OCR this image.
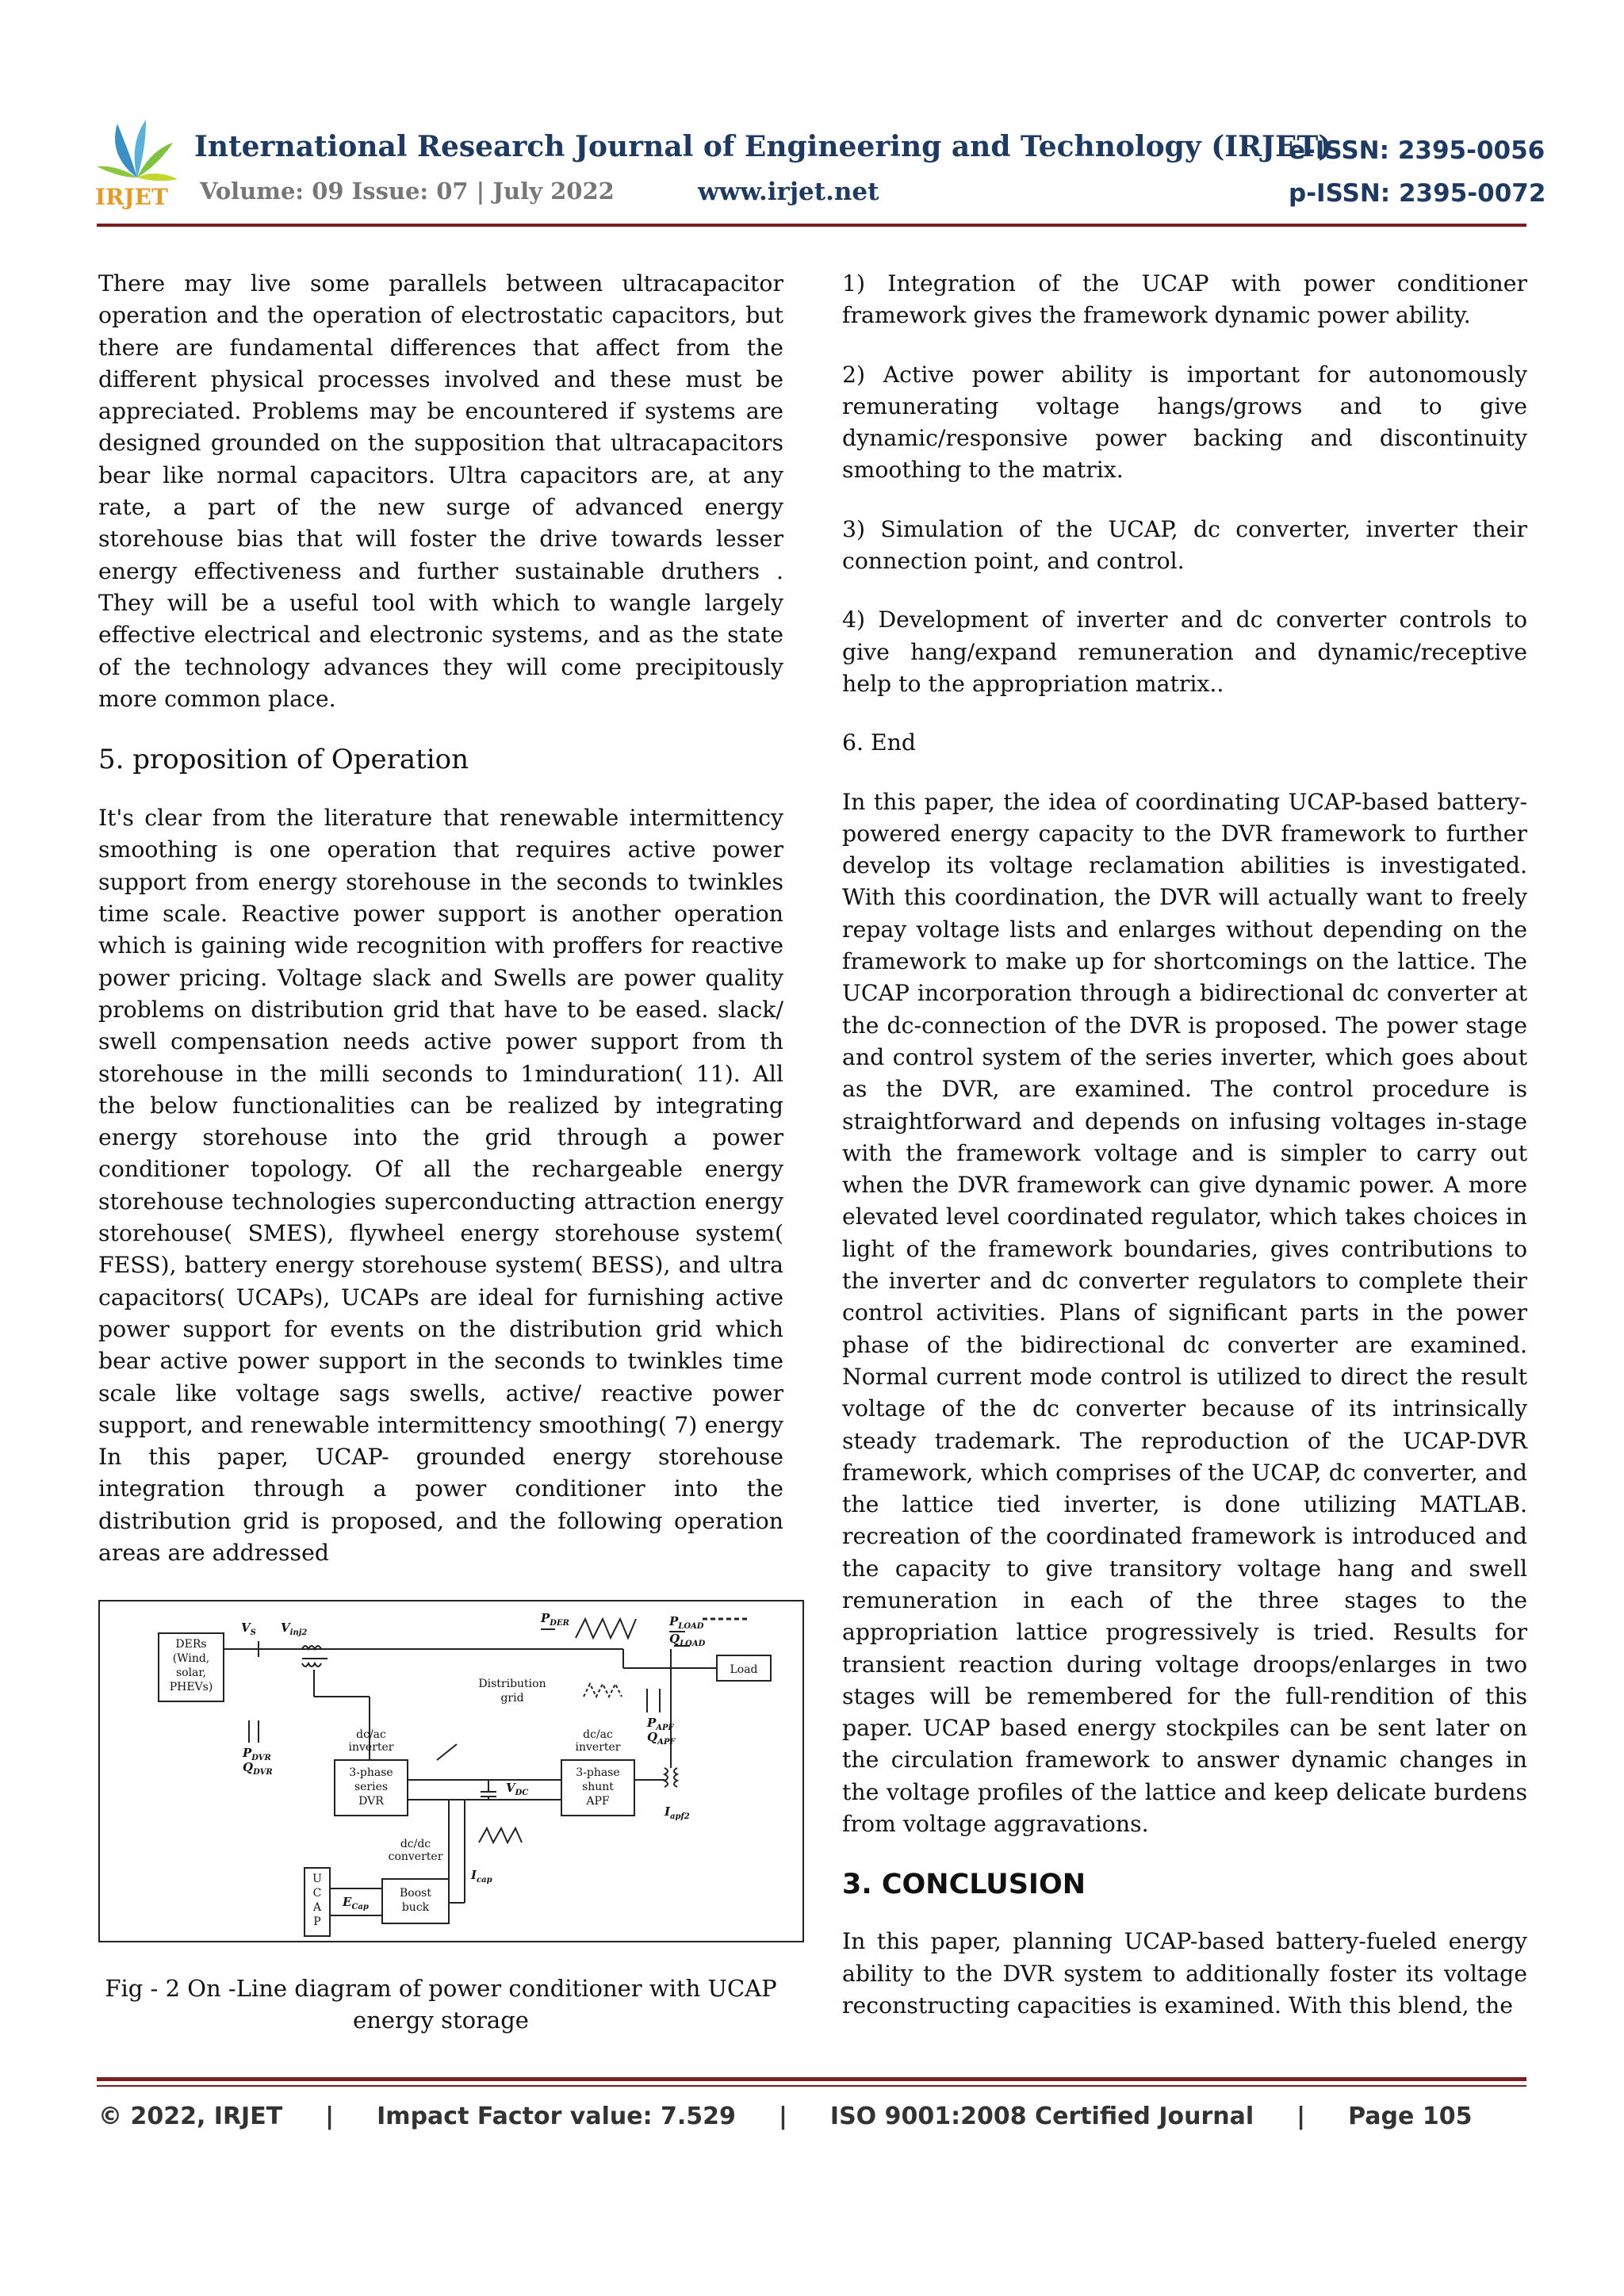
IRJET
International Research Journal of Engineering and Technology (IRJET)
e-ISSN: 2395-0056
Volume: 09 Issue: 07 | July 2022	www.irjet.net	p-ISSN: 2395-0072

There may live some parallels between ultracapacitor operation and the operation of electrostatic capacitors, but there are fundamental differences that affect from the different physical processes involved and these must be appreciated. Problems may be encountered if systems are designed grounded on the supposition that ultracapacitors bear like normal capacitors. Ultra capacitors are, at any rate, a part of the new surge of advanced energy storehouse bias that will foster the drive towards lesser energy effectiveness and further sustainable druthers . They will be a useful tool with which to wangle largely effective electrical and electronic systems, and as the state of the technology advances they will come precipitously more common place.

5. proposition of Operation

It's clear from the literature that renewable intermittency smoothing is one operation that requires active power support from energy storehouse in the seconds to twinkles time scale. Reactive power support is another operation which is gaining wide recognition with proffers for reactive power pricing. Voltage slack and Swells are power quality problems on distribution grid that have to be eased. slack/ swell compensation needs active power support from th storehouse in the milli seconds to 1minduration( 11). All the below functionalities can be realized by integrating energy storehouse into the grid through a power conditioner topology. Of all the rechargeable energy storehouse technologies superconducting attraction energy storehouse( SMES), flywheel energy storehouse system( FESS), battery energy storehouse system( BESS), and ultra capacitors( UCAPs), UCAPs are ideal for furnishing active power support for events on the distribution grid which bear active power support in the seconds to twinkles time scale like voltage sags swells, active/ reactive power support, and renewable intermittency smoothing( 7) energy In this paper, UCAP- grounded energy storehouse integration through a power conditioner into the distribution grid is proposed, and the following operation areas are addressed

DERs
(Wind,
solar,
PHEVs)	Distribution
grid
Load
dc/ac
inverter
dc/ac
inverter
3-phase
series
DVR
3-phase
shunt
APF
dc/dc
converter
Boost
buck
U
C
A
P
$V_S$ $V_{inj2}$
$P_{DER}$	$P_{LOAD}$
$Q_{LOAD}$
$P_{DVR}$
$Q_{DVR}$
$P_{APF}$
$Q_{APF}$
$V_{DC}$
$I_{apf2}$
$E_{Cap}$
$I_{cap}$
Fig - 2 On -Line diagram of power conditioner with UCAP energy storage

1) Integration of the UCAP with power conditioner framework gives the framework dynamic power ability.

2) Active power ability is important for autonomously remunerating voltage hangs/grows and to give dynamic/responsive power backing and discontinuity smoothing to the matrix.

3) Simulation of the UCAP, dc converter, inverter their connection point, and control.

4) Development of inverter and dc converter controls to give hang/expand remuneration and dynamic/receptive help to the appropriation matrix..

6. End

In this paper, the idea of coordinating UCAP-based battery-powered energy capacity to the DVR framework to further develop its voltage reclamation abilities is investigated. With this coordination, the DVR will actually want to freely repay voltage lists and enlarges without depending on the framework to make up for shortcomings on the lattice. The UCAP incorporation through a bidirectional dc converter at the dc-connection of the DVR is proposed. The power stage and control system of the series inverter, which goes about as the DVR, are examined. The control procedure is straightforward and depends on infusing voltages in-stage with the framework voltage and is simpler to carry out when the DVR framework can give dynamic power. A more elevated level coordinated regulator, which takes choices in light of the framework boundaries, gives contributions to the inverter and dc converter regulators to complete their control activities. Plans of significant parts in the power phase of the bidirectional dc converter are examined. Normal current mode control is utilized to direct the result voltage of the dc converter because of its intrinsically steady trademark. The reproduction of the UCAP-DVR framework, which comprises of the UCAP, dc converter, and the lattice tied inverter, is done utilizing MATLAB. recreation of the coordinated framework is introduced and the capacity to give transitory voltage hang and swell remuneration in each of the three stages to the appropriation lattice progressively is tried. Results for transient reaction during voltage droops/enlarges in two stages will be remembered for the full-rendition of this paper. UCAP based energy stockpiles can be sent later on the circulation framework to answer dynamic changes in the voltage profiles of the lattice and keep delicate burdens from voltage aggravations.

3. CONCLUSION

In this paper, planning UCAP-based battery-fueled energy ability to the DVR system to additionally foster its voltage reconstructing capacities is examined. With this blend, the

© 2022, IRJET | Impact Factor value: 7.529 | ISO 9001:2008 Certified Journal | Page 105
